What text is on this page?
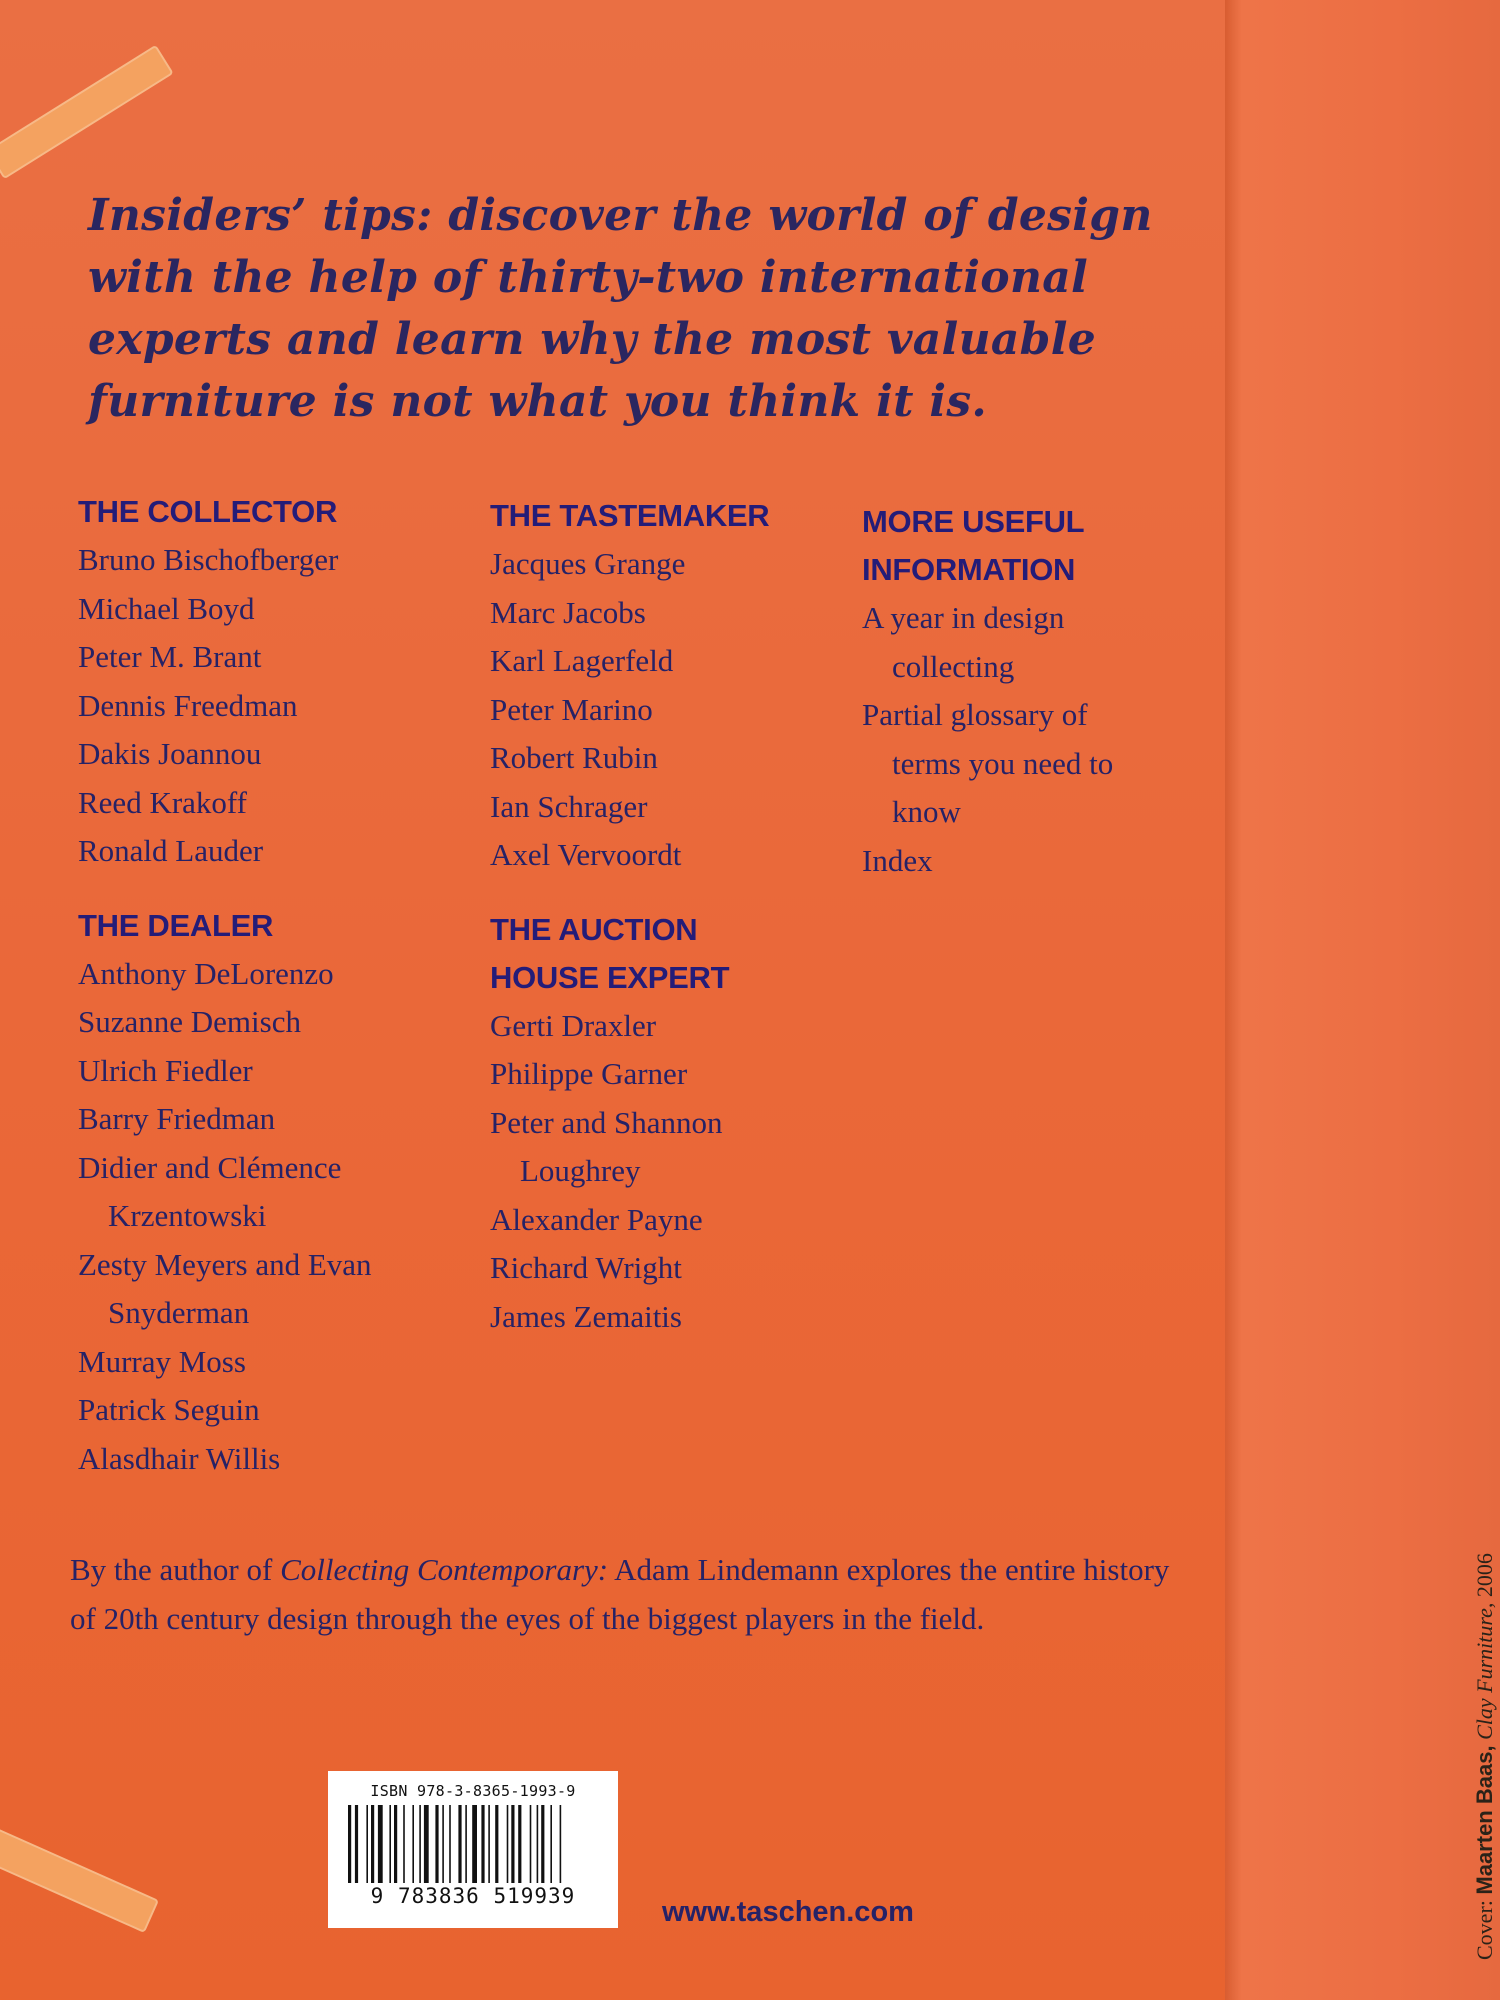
Insiders’ tips: discover the world of design with the help of thirty-two international experts and learn why the most valuable furniture is not what you think it is.

THE COLLECTOR
Bruno Bischofberger
Michael Boyd
Peter M. Brant
Dennis Freedman
Dakis Joannou
Reed Krakoff
Ronald Lauder
THE DEALER
Anthony DeLorenzo
Suzanne Demisch
Ulrich Fiedler
Barry Friedman
Didier and Clémence Krzentowski
Zesty Meyers and Evan Snyderman
Murray Moss
Patrick Seguin
Alasdhair Willis
THE TASTEMAKER
Jacques Grange
Marc Jacobs
Karl Lagerfeld
Peter Marino
Robert Rubin
Ian Schrager
Axel Vervoordt
THE AUCTION HOUSE EXPERT
Gerti Draxler
Philippe Garner
Peter and Shannon Loughrey
Alexander Payne
Richard Wright
James Zemaitis
MORE USEFUL INFORMATION
A year in design collecting
Partial glossary of terms you need to know
Index

By the author of Collecting Contemporary: Adam Lindemann explores the entire history of 20th century design through the eyes of the biggest players in the field.

ISBN 978-3-8365-1993-9
9 783836 519939	www.taschen.com	Cover: Maarten Baas, Clay Furniture, 2006
